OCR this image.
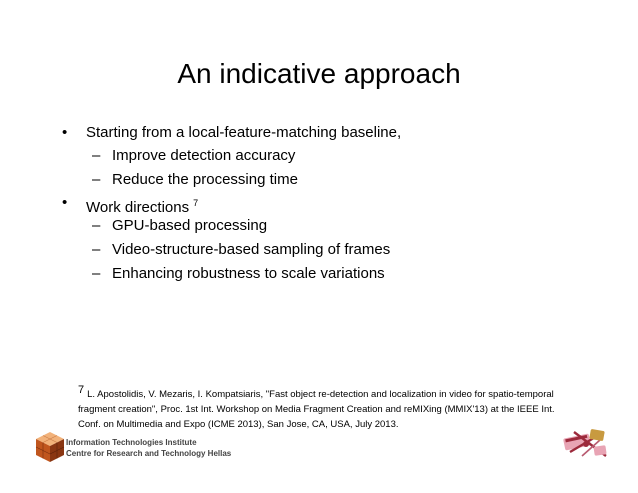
An indicative approach
• Starting from a local-feature-matching baseline,
– Improve detection accuracy
– Reduce the processing time
• Work directions $^7$
– GPU-based processing
– Video-structure-based sampling of frames
– Enhancing robustness to scale variations
7 L. Apostolidis, V. Mezaris, I. Kompatsiaris, "Fast object re-detection and localization in video for spatio-temporal
fragment creation", Proc. 1st Int. Workshop on Media Fragment Creation and reMIXing (MMIX'13) at the IEEE Int.
Conf. on Multimedia and Expo (ICME 2013), San Jose, CA, USA, July 2013.
Information Technologies Institute
Centre for Research and Technology Hellas
